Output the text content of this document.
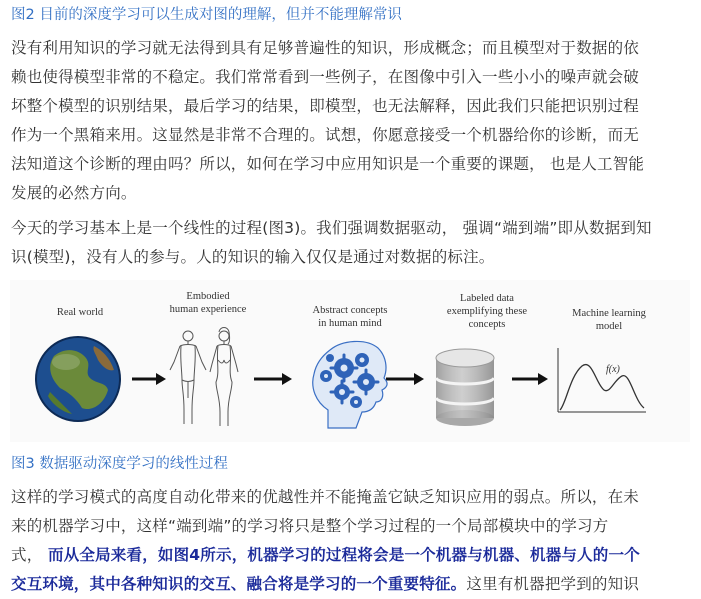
图2 目前的深度学习可以生成对图的理解，但并不能理解常识
没有利用知识的学习就无法得到具有足够普遍性的知识，形成概念；而且模型对于数据的依
赖也使得模型非常的不稳定。我们常常看到一些例子，在图像中引入一些小小的噪声就会破
坏整个模型的识别结果，最后学习的结果，即模型，也无法解释，因此我们只能把识别过程
作为一个黑箱来用。这显然是非常不合理的。试想，你愿意接受一个机器给你的诊断，而无
法知道这个诊断的理由吗？所以，如何在学习中应用知识是一个重要的课题， 也是人工智能
发展的必然方向。
今天的学习基本上是一个线性的过程(图3)。我们强调数据驱动， 强调“端到端”即从数据到知
识(模型)，没有人的参与。人的知识的输入仅仅是通过对数据的标注。
Real world
Embodied
human experience	Abstract concepts
in human mind
Labeled data
exemplifying these
concepts
Machine learning
model
f(x)
图3 数据驱动深度学习的线性过程
这样的学习模式的高度自动化带来的优越性并不能掩盖它缺乏知识应用的弱点。所以，在未
来的机器学习中，这样“端到端”的学习将只是整个学习过程的一个局部模块中的学习方
式， 而从全局来看，如图4所示，机器学习的过程将会是一个机器与机器、机器与人的一个
交互环境，其中各种知识的交互、融合将是学习的一个重要特征。这里有机器把学到的知识
